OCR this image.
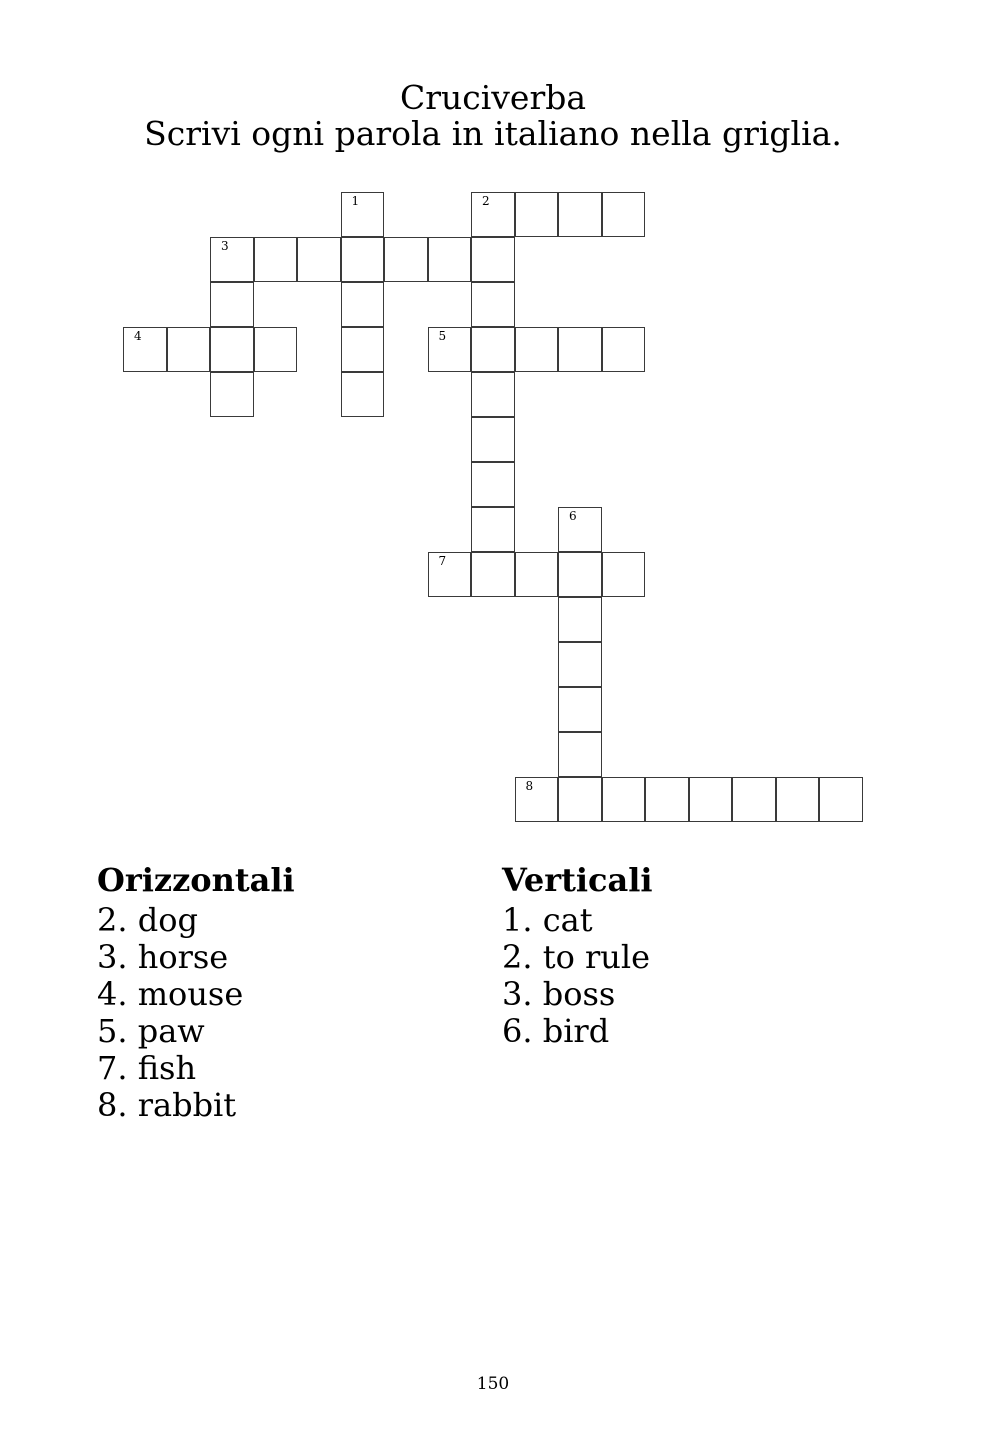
Cruciverba
Scrivi ogni parola in italiano nella griglia.
1	2
3
4	5
6
7
8
Orizzontali
2. dog
3. horse
4. mouse
5. paw
7. fish
8. rabbit
Verticali
1. cat
2. to rule
3. boss
6. bird
150
